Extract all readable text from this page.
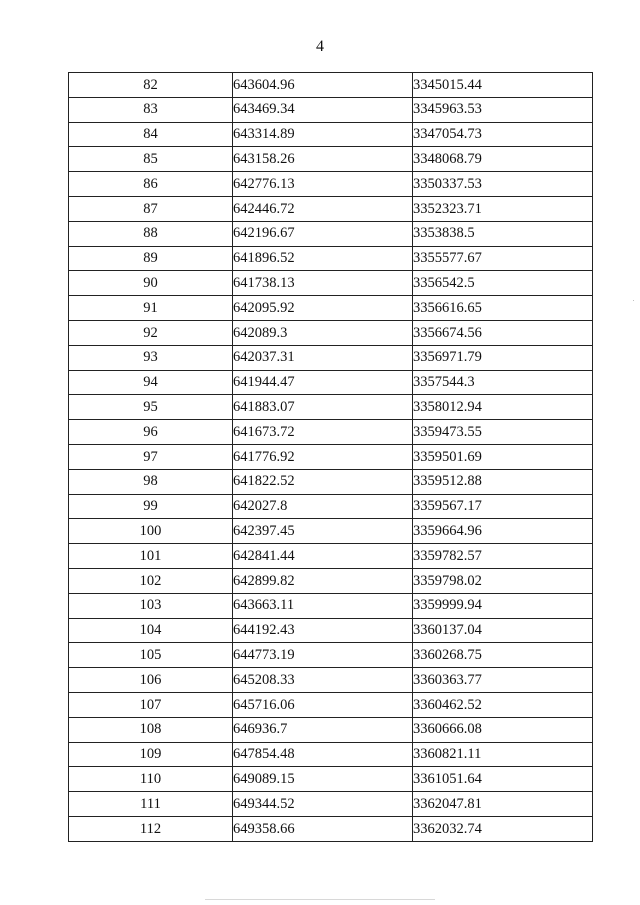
4
82	643604.96	3345015.44
83	643469.34	3345963.53
84	643314.89	3347054.73
85	643158.26	3348068.79
86	642776.13	3350337.53
87	642446.72	3352323.71
88	642196.67	3353838.5
89	641896.52	3355577.67
90	641738.13	3356542.5
91	642095.92	3356616.65
92	642089.3	3356674.56
93	642037.31	3356971.79
94	641944.47	3357544.3
95	641883.07	3358012.94
96	641673.72	3359473.55
97	641776.92	3359501.69
98	641822.52	3359512.88
99	642027.8	3359567.17
100	642397.45	3359664.96
101	642841.44	3359782.57
102	642899.82	3359798.02
103	643663.11	3359999.94
104	644192.43	3360137.04
105	644773.19	3360268.75
106	645208.33	3360363.77
107	645716.06	3360462.52
108	646936.7	3360666.08
109	647854.48	3360821.11
110	649089.15	3361051.64
111	649344.52	3362047.81
112	649358.66	3362032.74
